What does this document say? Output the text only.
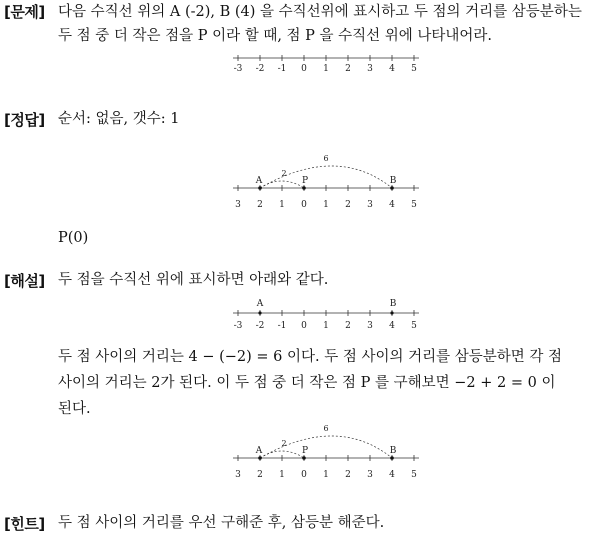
[문제] 다음 수직선 위의 A (-2), B (4) 을 수직선위에 표시하고 두 점의 거리를 삼등분하는
두 점 중 더 작은 점을 P 이라 할 때, 점 P 을 수직선 위에 나타내어라.
-3 -2 -1 0 1 2 3 4 5
[정답] 순서: 없음, 갯수: 1
6
2
A	P	B
3 2 1 0 1 2 3 4 5
P(0)
[해설] 두 점을 수직선 위에 표시하면 아래와 같다.
A	B
-3 -2 -1 0 1 2 3 4 5
두 점 사이의 거리는 4 − (−2) = 6 이다. 두 점 사이의 거리를 삼등분하면 각 점
사이의 거리는 2가 된다. 이 두 점 중 더 작은 점 P 를 구해보면 −2 + 2 = 0 이
된다.
6
2
A	P	B
3 2 1 0 1 2 3 4 5
[힌트] 두 점 사이의 거리를 우선 구해준 후, 삼등분 해준다.
